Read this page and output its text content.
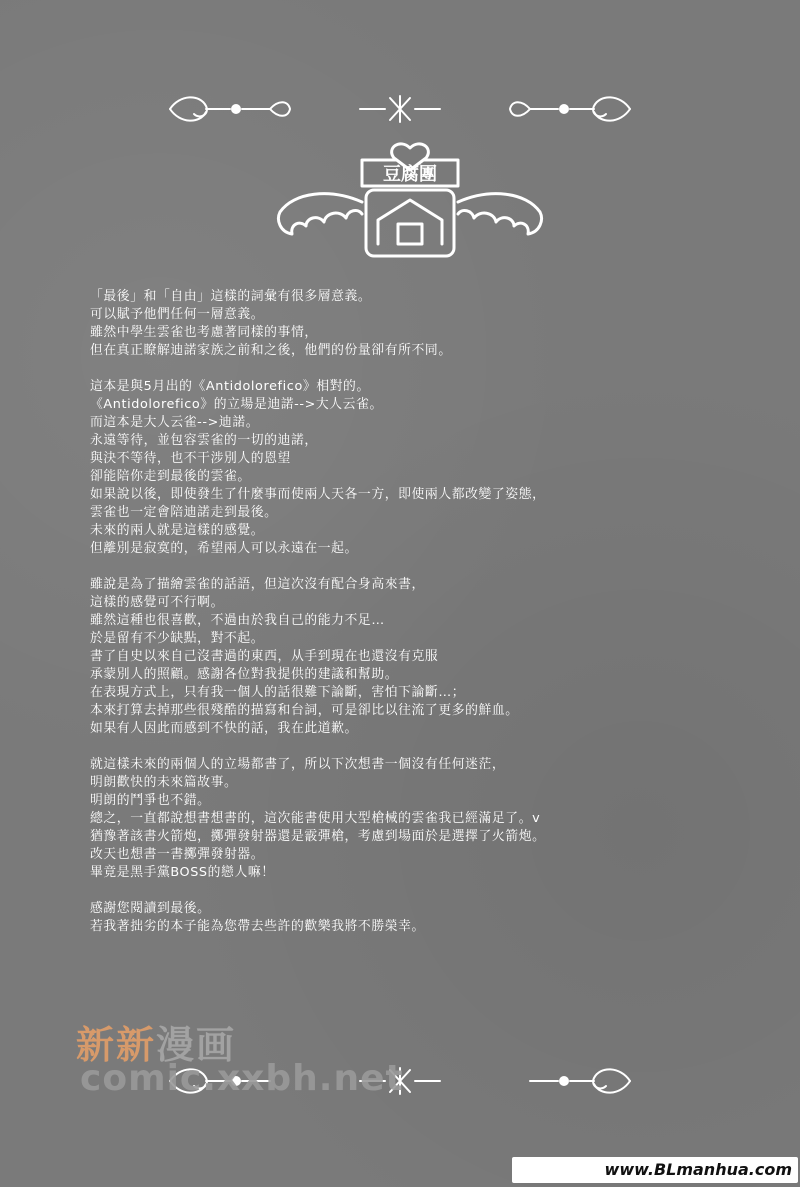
豆腐團
「最後」和「自由」這樣的詞彙有很多層意義。
可以賦予他們任何一層意義。
雖然中學生雲雀也考慮著同樣的事情，
但在真正瞭解迪諾家族之前和之後，他們的份量卻有所不同。
這本是與5月出的《Antidolorefico》相對的。
《Antidolorefico》的立場是迪諾-->大人云雀。
而這本是大人云雀-->迪諾。
永遠等待，並包容雲雀的一切的迪諾，
與決不等待，也不干涉別人的恩望
卻能陪你走到最後的雲雀。
如果說以後，即使發生了什麼事而使兩人天各一方，即使兩人都改變了姿態，
雲雀也一定會陪迪諾走到最後。
未來的兩人就是這樣的感覺。
但離別是寂寞的，希望兩人可以永遠在一起。
雖說是為了描繪雲雀的話語，但這次沒有配合身高來書，
這樣的感覺可不行啊。
雖然這種也很喜歡，不過由於我自己的能力不足…
於是留有不少缺點，對不起。
書了自史以來自己沒書過的東西，从手到現在也還沒有克服
承蒙別人的照顧。感謝各位對我提供的建議和幫助。
在表現方式上，只有我一個人的話很難下論斷，害怕下論斷…；
本來打算去掉那些很殘酷的描寫和台詞，可是卻比以往流了更多的鮮血。
如果有人因此而感到不快的話，我在此道歉。
就這樣未來的兩個人的立場都書了，所以下次想書一個沒有任何迷茫，
明朗歡快的未來篇故事。
明朗的鬥爭也不錯。
總之，一直都說想書想書的，這次能書使用大型槍械的雲雀我已經滿足了。v
猶豫著該書火箭炮，擲彈發射器還是霰彈槍，考慮到場面於是選擇了火箭炮。
改天也想書一書擲彈發射器。
畢竟是黑手黨BOSS的戀人嘛！
感謝您閱讀到最後。
若我著拙劣的本子能為您帶去些許的歡樂我將不勝榮幸。
新新漫画
comic.xxbh.net
www.BLmanhua.com
